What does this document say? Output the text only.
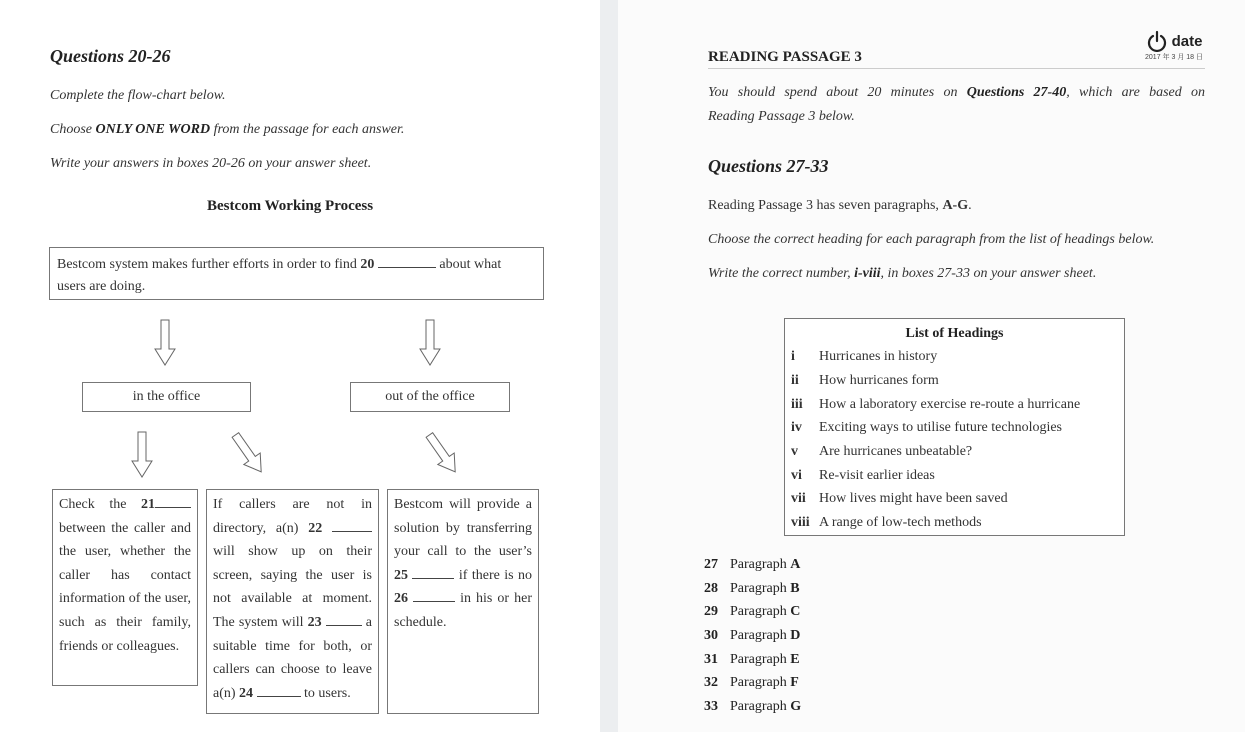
Questions 20-26
Complete the flow-chart below.
Choose ONLY ONE WORD from the passage for each answer.
Write your answers in boxes 20-26 on your answer sheet.
Bestcom Working Process
Bestcom system makes further efforts in order to find 20	about what
users are doing.
in the office	out of the office

Check the 21 between the caller and the user, whether the caller has contact information of the user, such as their family, friends or colleagues.

If callers are not in directory, a(n) 22  will show up on their screen, saying the user is not available at moment. The system will 23	a suitable time for both, or callers can choose to leave a(n) 24	to users.

Bestcom will provide a solution by transferring your call to the user’s 25	if there is no 26	in his or her schedule.

date
2017 年 3 月 18 日
READING PASSAGE 3
You should spend about 20 minutes on Questions 27-40, which are based on
Reading Passage 3 below.
Questions 27-33
Reading Passage 3 has seven paragraphs, A-G.
Choose the correct heading for each paragraph from the list of headings below.
Write the correct number, i-viii, in boxes 27-33 on your answer sheet.
List of Headings
i Hurricanes in history
ii How hurricanes form
iii How a laboratory exercise re-route a hurricane
iv Exciting ways to utilise future technologies
v Are hurricanes unbeatable?
vi Re-visit earlier ideas
vii How lives might have been saved
viii A range of low-tech methods
27 Paragraph A
28 Paragraph B
29 Paragraph C
30 Paragraph D
31 Paragraph E
32 Paragraph F
33 Paragraph G
